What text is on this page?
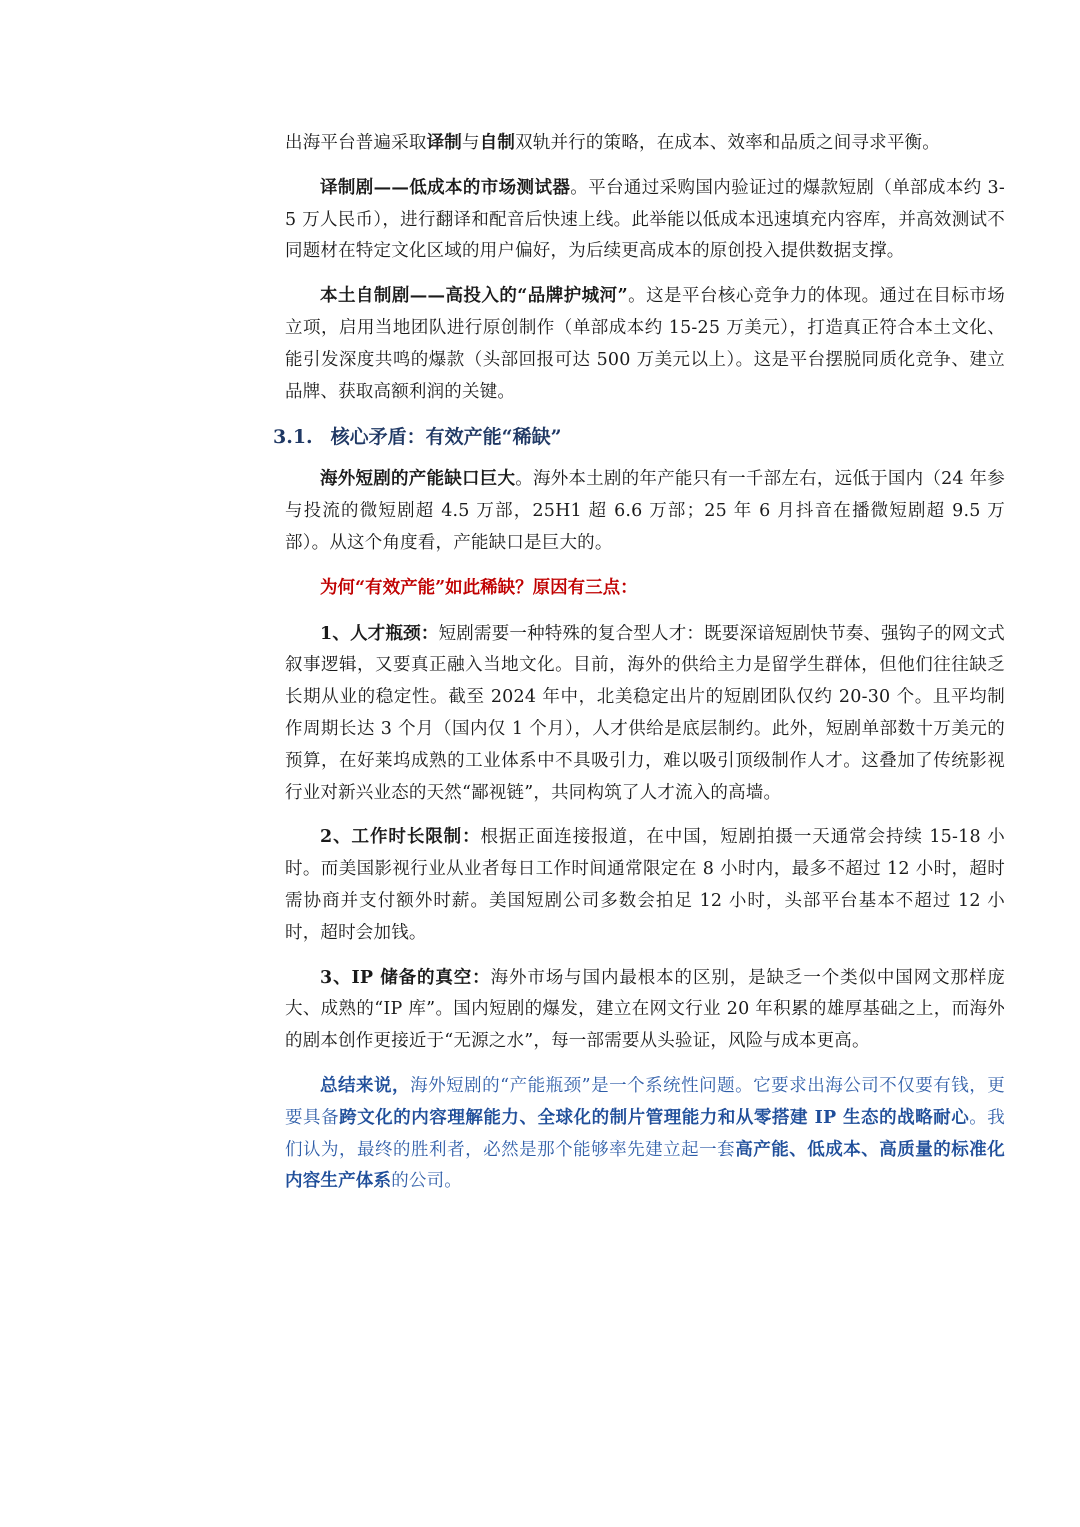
出海平台普遍采取译制与自制双轨并行的策略，在成本、效率和品质之间寻求平衡。

译制剧——低成本的市场测试器。平台通过采购国内验证过的爆款短剧（单部成本约 3-5 万人民币），进行翻译和配音后快速上线。此举能以低成本迅速填充内容库，并高效测试不同题材在特定文化区域的用户偏好，为后续更高成本的原创投入提供数据支撑。

本土自制剧——高投入的“品牌护城河”。这是平台核心竞争力的体现。通过在目标市场立项，启用当地团队进行原创制作（单部成本约 15-25 万美元），打造真正符合本土文化、能引发深度共鸣的爆款（头部回报可达 500 万美元以上）。这是平台摆脱同质化竞争、建立品牌、获取高额利润的关键。

3.1. 核心矛盾：有效产能“稀缺”

海外短剧的产能缺口巨大。海外本土剧的年产能只有一千部左右，远低于国内（24 年参与投流的微短剧超 4.5 万部，25H1 超 6.6 万部；25 年 6 月抖音在播微短剧超 9.5 万部）。从这个角度看，产能缺口是巨大的。

为何“有效产能”如此稀缺？原因有三点：

1、人才瓶颈：短剧需要一种特殊的复合型人才：既要深谙短剧快节奏、强钩子的网文式叙事逻辑，又要真正融入当地文化。目前，海外的供给主力是留学生群体，但他们往往缺乏长期从业的稳定性。截至 2024 年中，北美稳定出片的短剧团队仅约 20-30 个。且平均制作周期长达 3 个月（国内仅 1 个月），人才供给是底层制约。此外，短剧单部数十万美元的预算，在好莱坞成熟的工业体系中不具吸引力，难以吸引顶级制作人才。这叠加了传统影视行业对新兴业态的天然“鄙视链”，共同构筑了人才流入的高墙。

2、工作时长限制：根据正面连接报道，在中国，短剧拍摄一天通常会持续 15-18 小时。而美国影视行业从业者每日工作时间通常限定在 8 小时内，最多不超过 12 小时，超时需协商并支付额外时薪。美国短剧公司多数会拍足 12 小时，头部平台基本不超过 12 小时，超时会加钱。

3、IP 储备的真空：海外市场与国内最根本的区别，是缺乏一个类似中国网文那样庞大、成熟的“IP 库”。国内短剧的爆发，建立在网文行业 20 年积累的雄厚基础之上，而海外的剧本创作更接近于“无源之水”，每一部需要从头验证，风险与成本更高。

总结来说，海外短剧的“产能瓶颈”是一个系统性问题。它要求出海公司不仅要有钱，更要具备跨文化的内容理解能力、全球化的制片管理能力和从零搭建 IP 生态的战略耐心。我们认为，最终的胜利者，必然是那个能够率先建立起一套高产能、低成本、高质量的标准化内容生产体系的公司。
